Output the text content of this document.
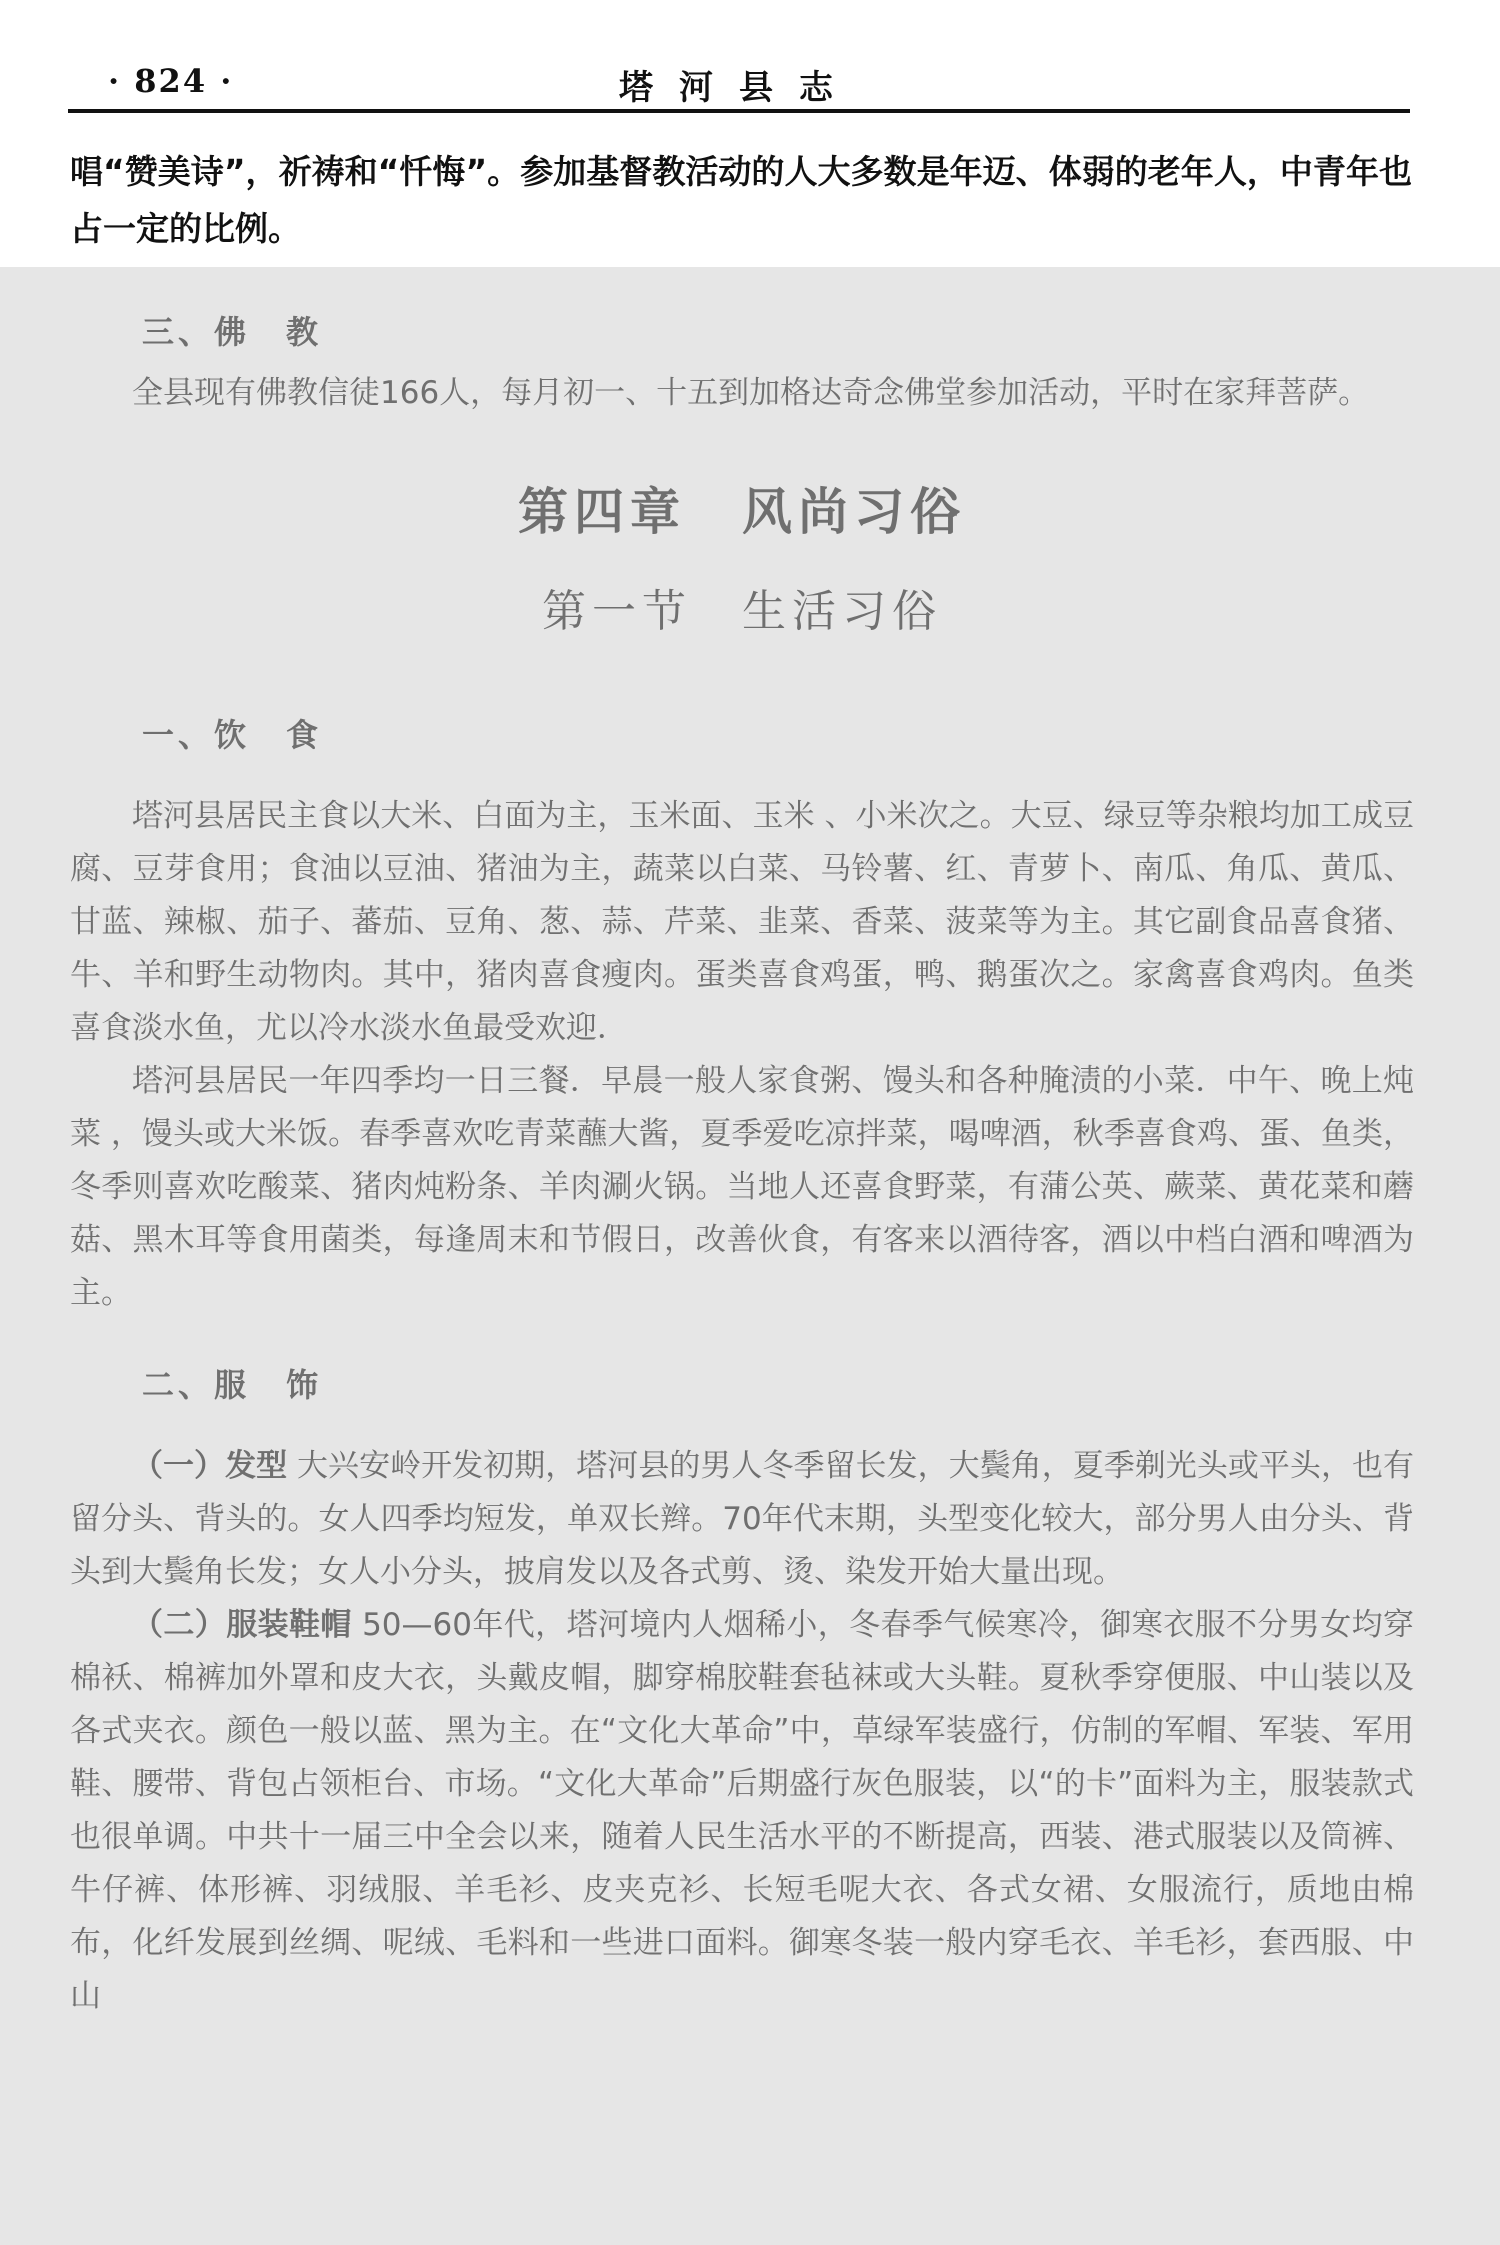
· 824 ·	塔河县志
唱“赞美诗”，祈祷和“忏悔”。参加基督教活动的人大多数是年迈、体弱的老年人，中青年也占一定的比例。
三、佛　教

全县现有佛教信徒166人，每月初一、十五到加格达奇念佛堂参加活动，平时在家拜菩萨。

第四章　风尚习俗
第一节　生活习俗
一、饮　食

塔河县居民主食以大米、白面为主，玉米面、玉米 、小米次之。大豆、绿豆等杂粮均加工成豆腐、豆芽食用；食油以豆油、猪油为主，蔬菜以白菜、马铃薯、红、青萝卜、南瓜、角瓜、黄瓜、甘蓝、辣椒、茄子、蕃茄、豆角、葱、蒜、芹菜、韭菜、香菜、菠菜等为主。其它副食品喜食猪、牛、羊和野生动物肉。其中，猪肉喜食瘦肉。蛋类喜食鸡蛋，鸭、鹅蛋次之。家禽喜食鸡肉。鱼类喜食淡水鱼，尤以冷水淡水鱼最受欢迎．

塔河县居民一年四季均一日三餐．早晨一般人家食粥、馒头和各种腌渍的小菜．中午、晚上炖菜 ，馒头或大米饭。春季喜欢吃青菜蘸大酱，夏季爱吃凉拌菜，喝啤酒，秋季喜食鸡、蛋、鱼类，冬季则喜欢吃酸菜、猪肉炖粉条、羊肉涮火锅。当地人还喜食野菜，有蒲公英、蕨菜、黄花菜和蘑菇、黑木耳等食用菌类，每逢周末和节假日，改善伙食，有客来以酒待客，酒以中档白酒和啤酒为主。

二、服　饰

（一）发型 大兴安岭开发初期，塔河县的男人冬季留长发，大鬓角，夏季剃光头或平头，也有留分头、背头的。女人四季均短发，单双长辫。70年代末期，头型变化较大，部分男人由分头、背头到大鬓角长发；女人小分头，披肩发以及各式剪、烫、染发开始大量出现。

（二）服装鞋帽 50—60年代，塔河境内人烟稀小，冬春季气候寒冷，御寒衣服不分男女均穿棉袄、棉裤加外罩和皮大衣，头戴皮帽，脚穿棉胶鞋套毡袜或大头鞋。夏秋季穿便服、中山装以及各式夹衣。颜色一般以蓝、黑为主。在“文化大革命”中，草绿军装盛行，仿制的军帽、军装、军用鞋、腰带、背包占领柜台、市场。“文化大革命”后期盛行灰色服装，以“的卡”面料为主，服装款式也很单调。中共十一届三中全会以来，随着人民生活水平的不断提高，西装、港式服装以及筒裤、牛仔裤、体形裤、羽绒服、羊毛衫、皮夹克衫、长短毛呢大衣、各式女裙、女服流行，质地由棉布，化纤发展到丝绸、呢绒、毛料和一些进口面料。御寒冬装一般内穿毛衣、羊毛衫，套西服、中山
